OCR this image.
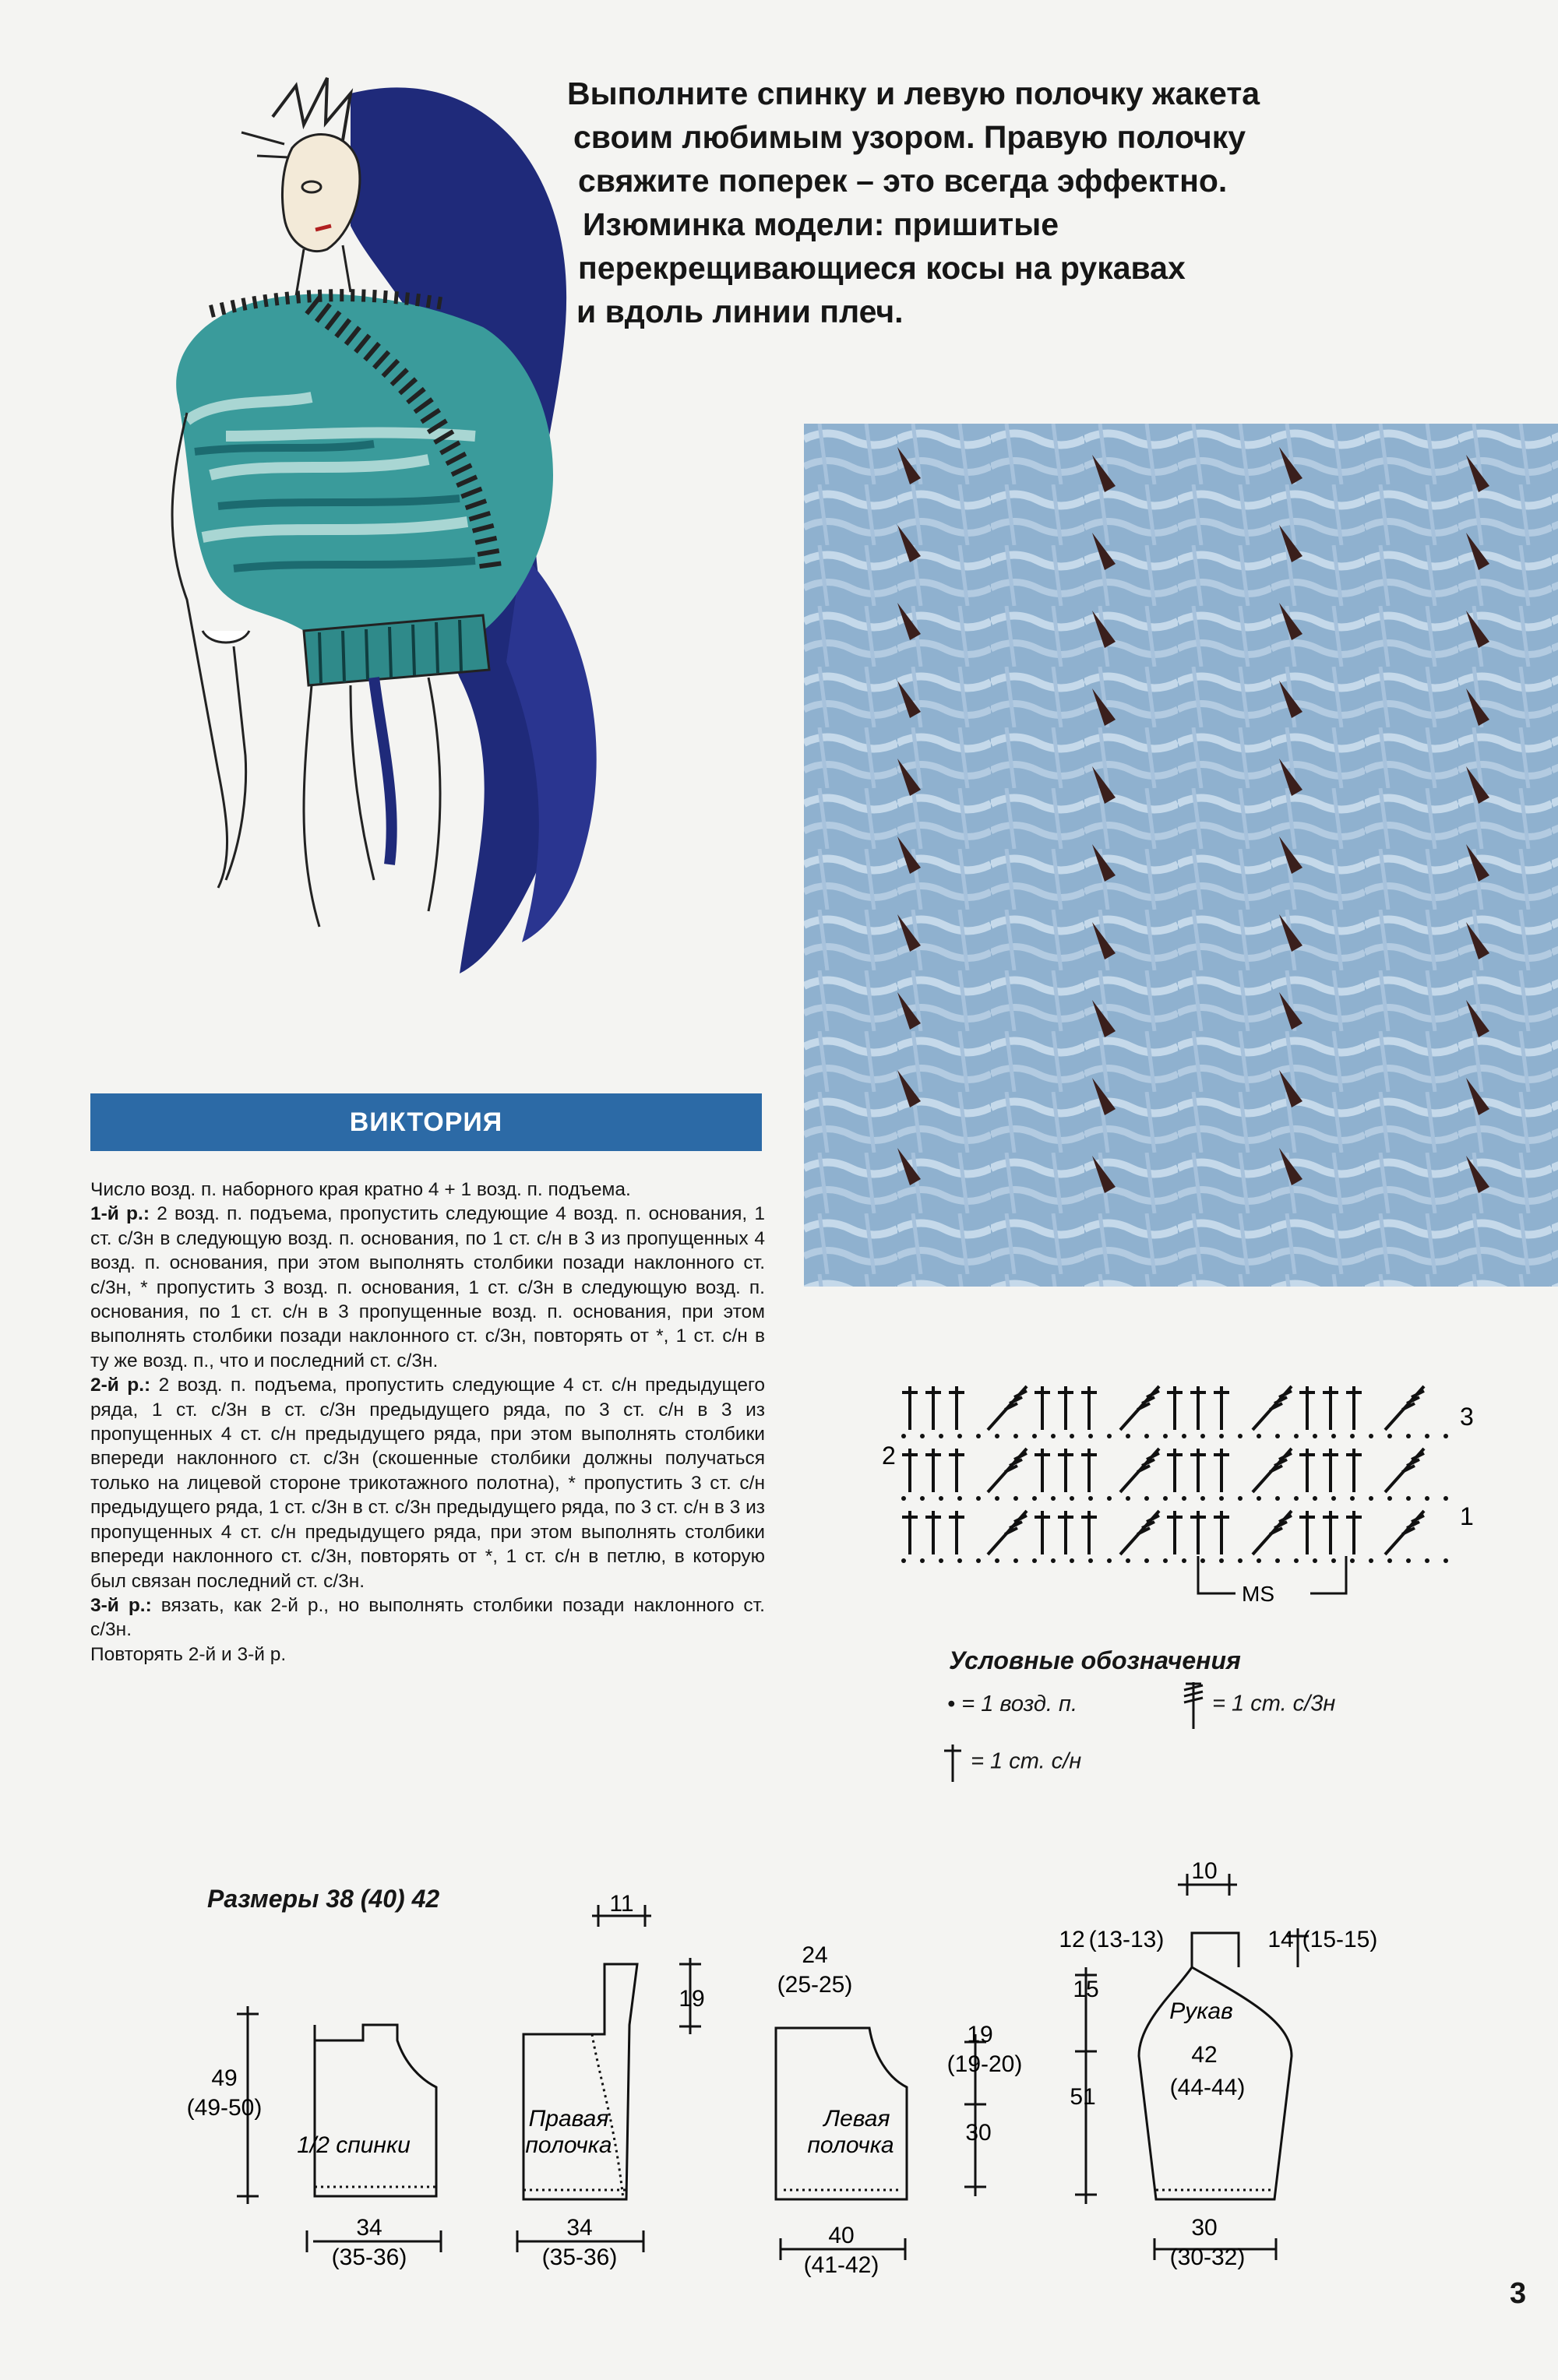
Выполните спинку и левую полочку жакета
своим любимым узором. Правую полочку
свяжите поперек – это всегда эффектно.
Изюминка модели: пришитые
перекрещивающиеся косы на рукавах
и вдоль линии плеч.
ВИКТОРИЯ

Число возд. п. наборного края кратно 4 + 1 возд. п. подъема.

1-й р.: 2 возд. п. подъема, пропустить следующие 4 возд. п. основания, 1 ст. с/3н в следующую возд. п. основания, по 1 ст. с/н в 3 из пропущенных 4 возд. п. основания, при этом выполнять столбики позади наклонного ст. с/3н, * пропустить 3 возд. п. основания, 1 ст. с/3н в следующую возд. п. основания, по 1 ст. с/н в 3 пропущенные возд. п. основания, при этом выполнять столбики позади наклонного ст. с/3н, повторять от *, 1 ст. с/н в ту же возд. п., что и последний ст. с/3н.

2-й р.: 2 возд. п. подъема, пропустить следующие 4 ст. с/н предыдущего ряда, 1 ст. с/3н в ст. с/3н предыдущего ряда, по 3 ст. с/н в 3 из пропущенных 4 ст. с/н предыдущего ряда, при этом выполнять столбики впереди наклонного ст. с/3н (скошенные столбики должны получаться только на лицевой стороне трикотажного полотна), * пропустить 3 ст. с/н предыдущего ряда, 1 ст. с/3н в ст. с/3н предыдущего ряда, по 3 ст. с/н в 3 из пропущенных 4 ст. с/н предыдущего ряда, при этом выполнять столбики впереди наклонного ст. с/3н, повторять от *, 1 ст. с/н в петлю, в которую был связан последний ст. с/3н.

3-й р.: вязать, как 2-й р., но выполнять столбики позади наклонного ст. с/3н.

Повторять 2-й и 3-й р.

2
3
1
MS
Условные обозначения
• = 1 возд. п.	= 1 ст. с/3н
= 1 ст. с/н
Размеры 38 (40) 42
49
(49-50)
1/2 спинки
34
(35-36)
11
19
Правая
полочка
34
(35-36)
24
(25-25)
19
(19-20)
30
Левая
полочка
40
(41-42)
10
12 (13-13)	14 (15-15)
15
51
Рукав
42
(44-44)
30
(30-32)
3
